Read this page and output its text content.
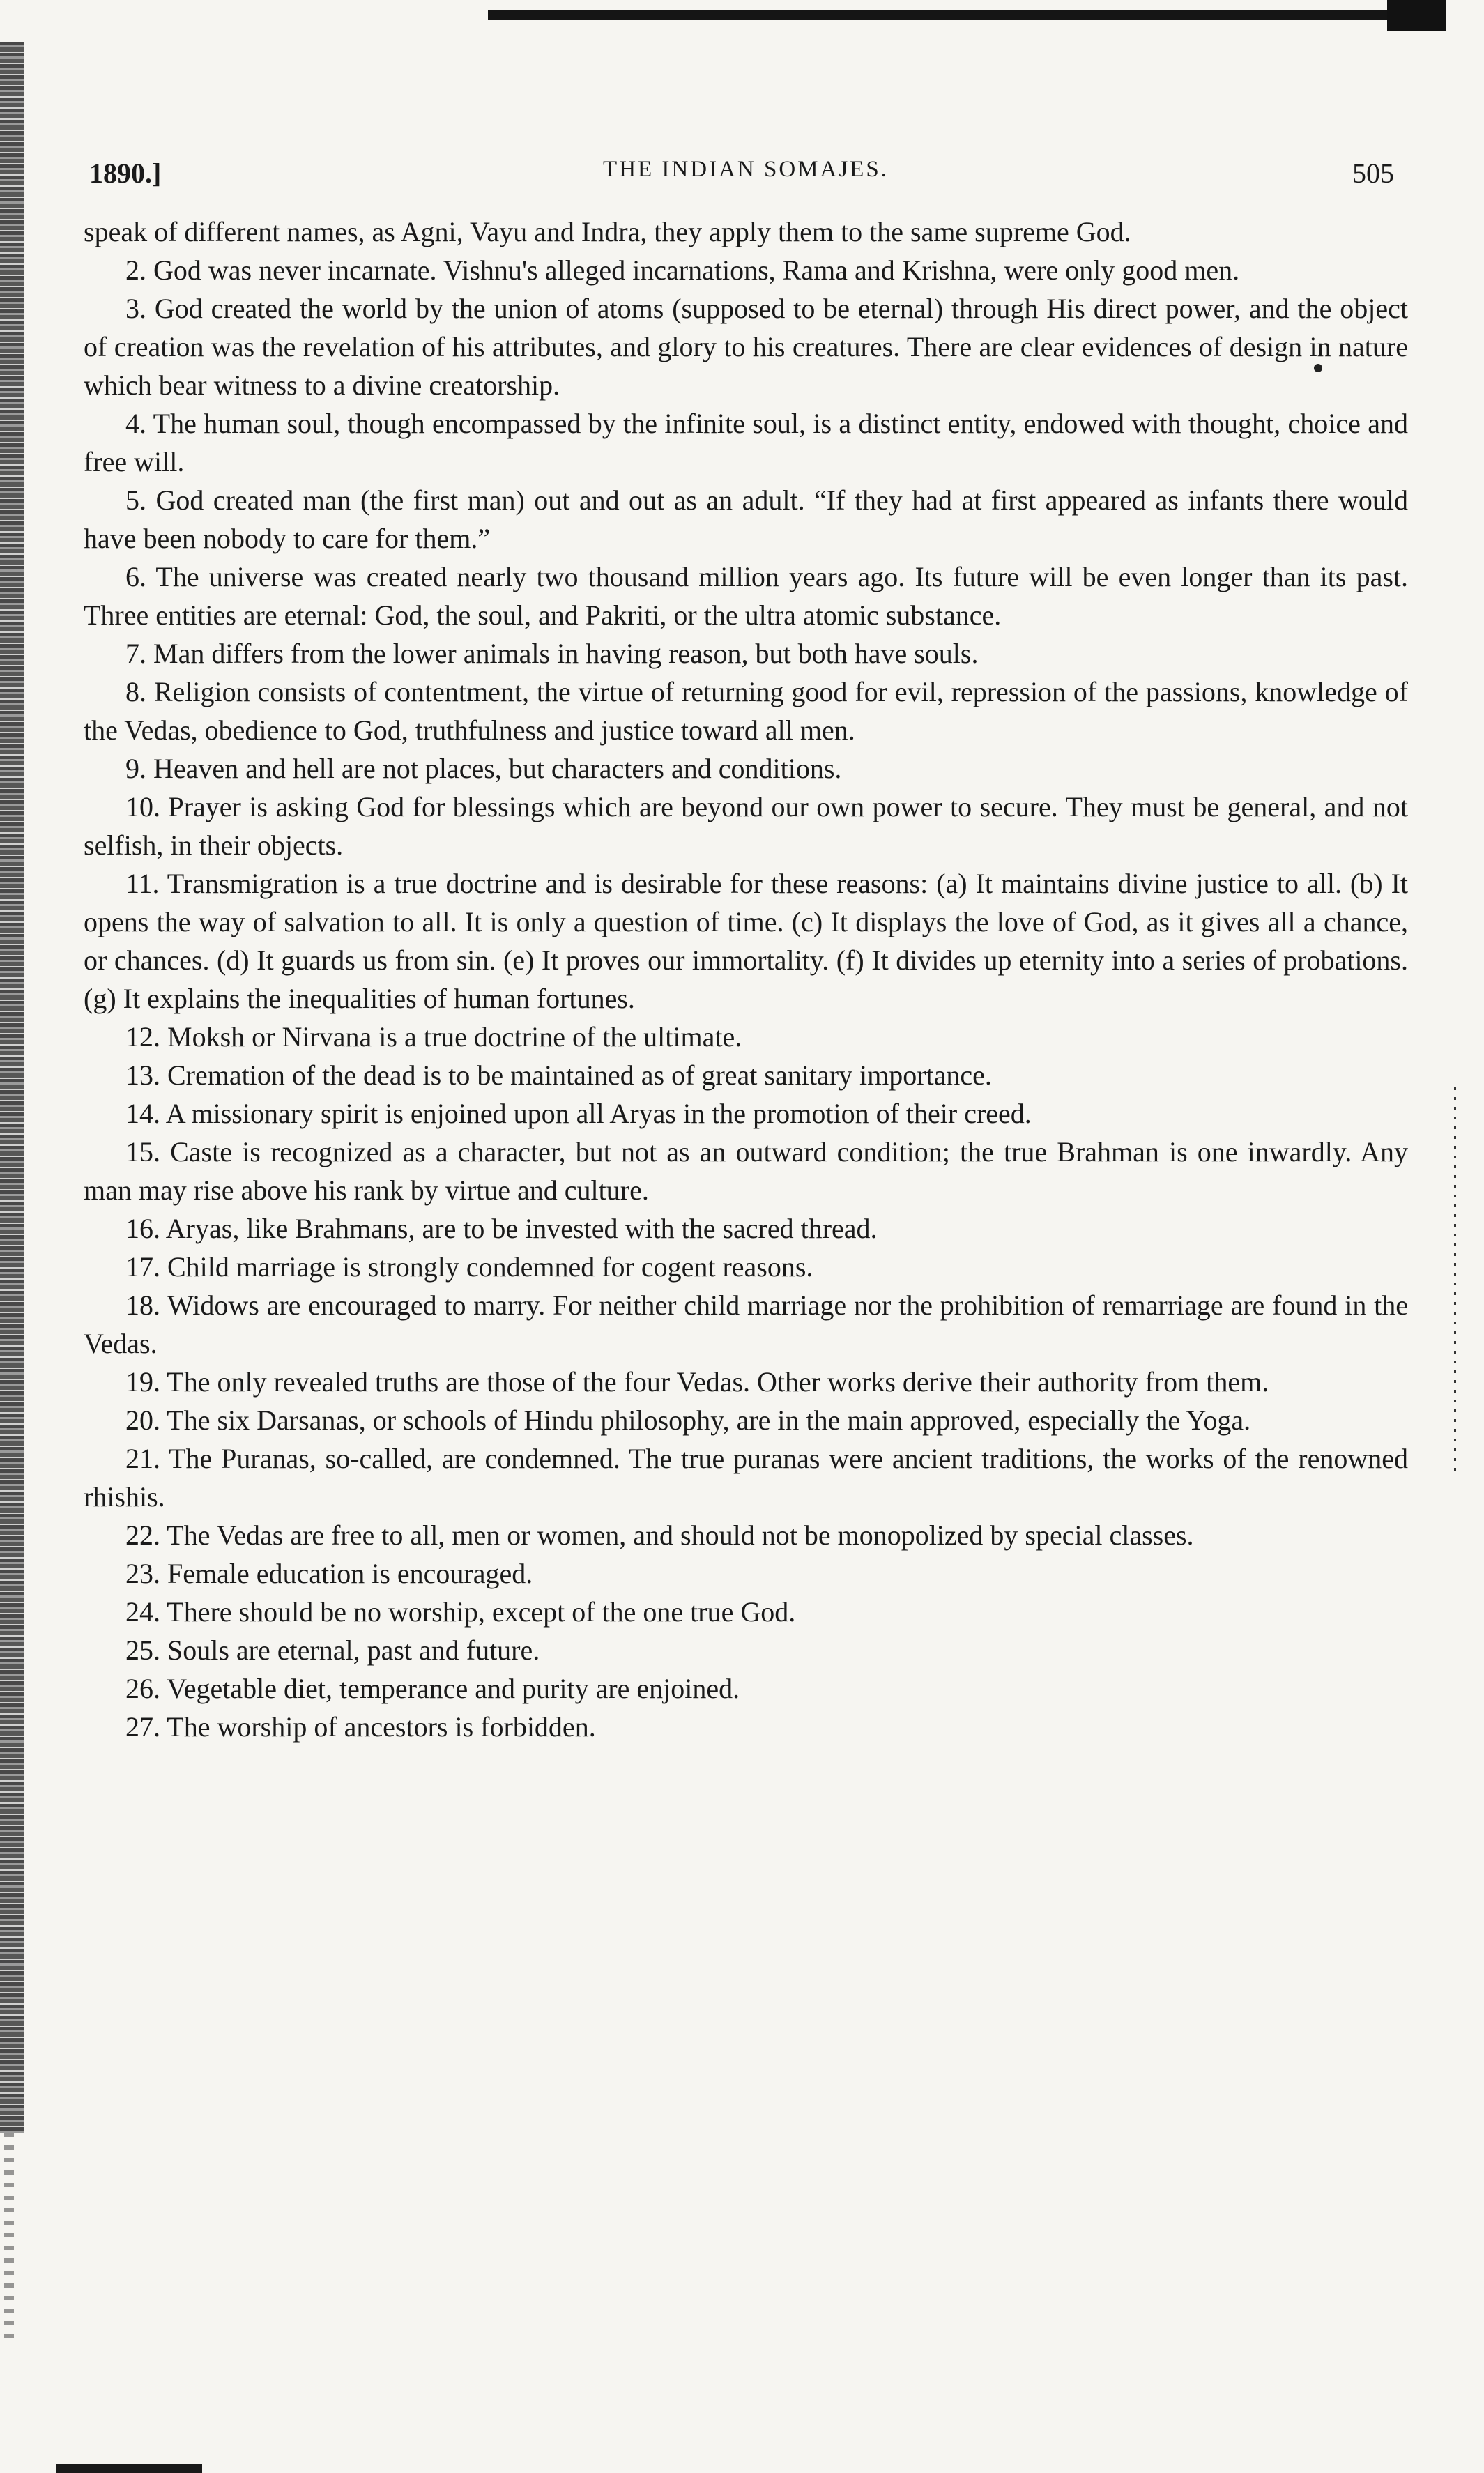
1890.]	THE INDIAN SOMAJES.	505

speak of different names, as Agni, Vayu and Indra, they apply them to the same supreme God.

2. God was never incarnate. Vishnu's alleged incarnations, Rama and Krishna, were only good men.

3. God created the world by the union of atoms (supposed to be eternal) through His direct power, and the object of creation was the revelation of his attributes, and glory to his creatures. There are clear evidences of design in nature which bear witness to a divine creatorship.

4. The human soul, though encompassed by the infinite soul, is a distinct entity, endowed with thought, choice and free will.

5. God created man (the first man) out and out as an adult. “If they had at first appeared as infants there would have been nobody to care for them.”

6. The universe was created nearly two thousand million years ago. Its future will be even longer than its past. Three entities are eternal: God, the soul, and Pakriti, or the ultra atomic substance.

7. Man differs from the lower animals in having reason, but both have souls.

8. Religion consists of contentment, the virtue of returning good for evil, repression of the passions, knowledge of the Vedas, obedience to God, truthfulness and justice toward all men.

9. Heaven and hell are not places, but characters and conditions.

10. Prayer is asking God for blessings which are beyond our own power to secure. They must be general, and not selfish, in their objects.

11. Transmigration is a true doctrine and is desirable for these reasons: (a) It maintains divine justice to all. (b) It opens the way of salvation to all. It is only a question of time. (c) It displays the love of God, as it gives all a chance, or chances. (d) It guards us from sin. (e) It proves our immortality. (f) It divides up eternity into a series of probations. (g) It explains the inequalities of human fortunes.

12. Moksh or Nirvana is a true doctrine of the ultimate.

13. Cremation of the dead is to be maintained as of great sanitary importance.

14. A missionary spirit is enjoined upon all Aryas in the promotion of their creed.

15. Caste is recognized as a character, but not as an outward condition; the true Brahman is one inwardly. Any man may rise above his rank by virtue and culture.

16. Aryas, like Brahmans, are to be invested with the sacred thread.

17. Child marriage is strongly condemned for cogent reasons.

18. Widows are encouraged to marry. For neither child marriage nor the prohibition of remarriage are found in the Vedas.

19. The only revealed truths are those of the four Vedas. Other works derive their authority from them.

20. The six Darsanas, or schools of Hindu philosophy, are in the main approved, especially the Yoga.

21. The Puranas, so-called, are condemned. The true puranas were ancient traditions, the works of the renowned rhishis.

22. The Vedas are free to all, men or women, and should not be monopolized by special classes.

23. Female education is encouraged.

24. There should be no worship, except of the one true God.

25. Souls are eternal, past and future.

26. Vegetable diet, temperance and purity are enjoined.

27. The worship of ancestors is forbidden.
